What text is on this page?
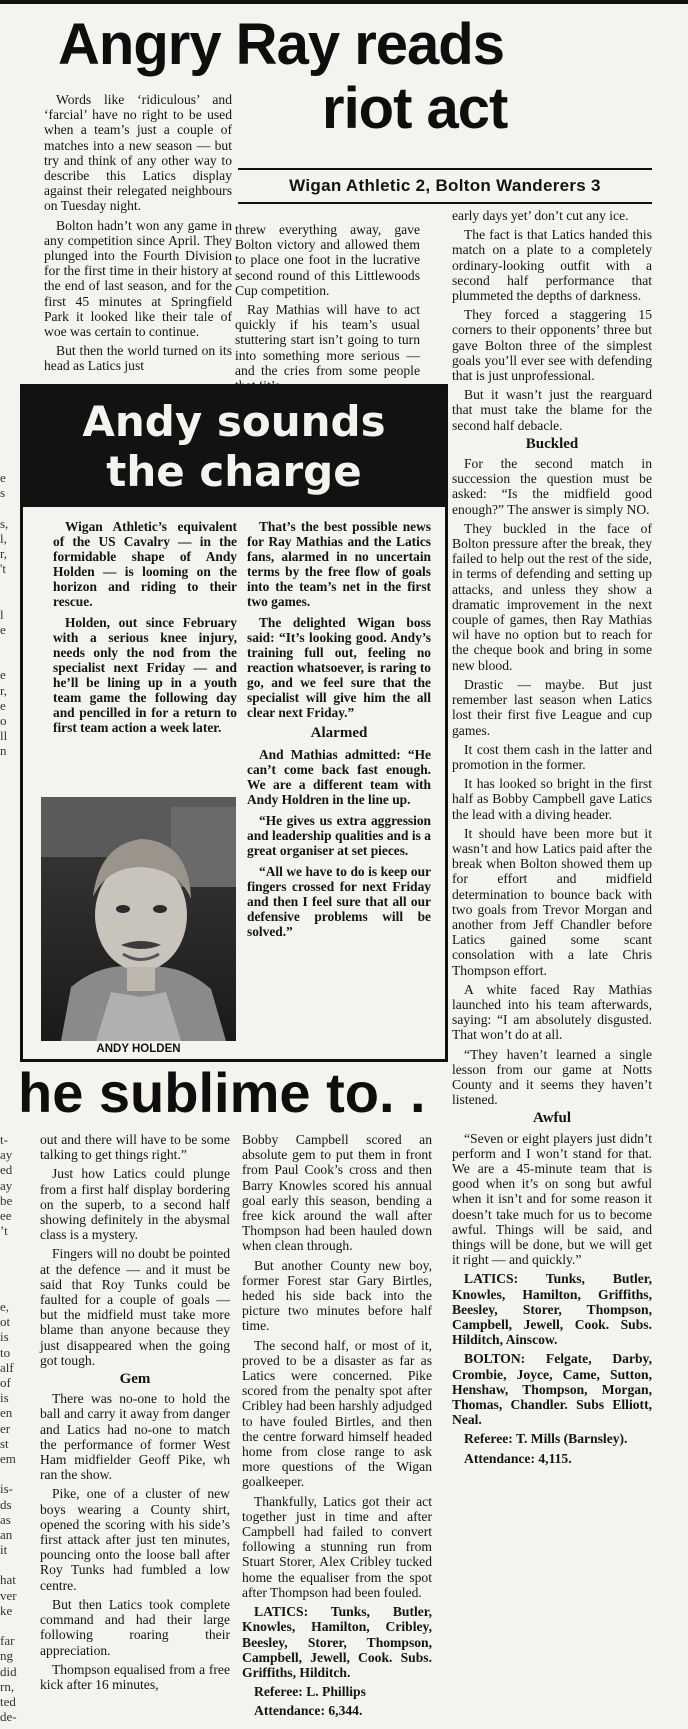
Angry Ray reads
riot act
Wigan Athletic 2, Bolton Wanderers 3

Words like ‘ridiculous’ and ‘farcial’ have no right to be used when a team’s just a couple of matches into a new season — but try and think of any other way to describe this Latics display against their relegated neighbours on Tuesday night.

Bolton hadn’t won any game in any competition since April. They plunged into the Fourth Division for the first time in their history at the end of last season, and for the first 45 minutes at Springfield Park it looked like their tale of woe was certain to continue.

But then the world turned on its head as Latics just

threw everything away, gave Bolton victory and allowed them to place one foot in the lucrative second round of this Littlewoods Cup competition.

Ray Mathias will have to act quickly if his team’s usual stuttering start isn’t going to turn into something more serious — and the cries from some people

early days yet’ don’t cut any ice.

The fact is that Latics handed this match on a plate to a completely ordinary-looking outfit with a second half performance that plummeted the depths of darkness.

They forced a staggering 15 corners to their opponents’ three but gave Bolton three of the simplest goals you’ll ever see with defending that is just unprofessional.

But it wasn’t just the rearguard that must take the blame for the second half debacle.

Buckled

For the second match in succession the question must be asked: “Is the midfield good enough?” The answer is simply NO.

They buckled in the face of Bolton pressure after the break, they failed to help out the rest of the side, in terms of defending and setting up attacks, and unless they show a dramatic improvement in the next couple of games, then Ray Mathias wil have no option but to reach for the cheque book and bring in some new blood.

Drastic — maybe. But just remember last season when Latics lost their first five League and cup games.

It cost them cash in the latter and promotion in the former.

It has looked so bright in the first half as Bobby Campbell gave Latics the lead with a diving header.

It should have been more but it wasn’t and how Latics paid after the break when Bolton showed them up for effort and midfield determination to bounce back with two goals from Trevor Morgan and another from Jeff Chandler before Latics gained some scant consolation with a late Chris Thompson effort.

A white faced Ray Mathias launched into his team afterwards, saying: “I am absolutely disgusted. That won’t do at all.

“They haven’t learned a single lesson from our game at Notts County and it seems they haven’t listened.

Awful

“Seven or eight players just didn’t perform and I won’t stand for that. We are a 45-minute team that is good when it’s on song but awful when it isn’t and for some reason it doesn’t take much for us to become awful. Things will be said, and things will be done, but we will get it right — and quickly.”

LATICS: Tunks, Butler, Knowles, Hamilton, Griffiths, Beesley, Storer, Thompson, Campbell, Jewell, Cook. Subs. Hilditch, Ainscow.

BOLTON: Felgate, Darby, Crombie, Joyce, Came, Sutton, Henshaw, Thompson, Morgan, Thomas, Chandler. Subs Elliott, Neal.

Referee: T. Mills (Barnsley).

Attendance: 4,115.

Andy sounds
the charge

Wigan Athletic’s equivalent of the US Cavalry — in the formidable shape of Andy Holden — is looming on the horizon and riding to their rescue.

Holden, out since February with a serious knee injury, needs only the nod from the specialist next Friday — and he’ll be lining up in a youth team game the following day and pencilled in for a return to first team action a week later.

That’s the best possible news for Ray Mathias and the Latics fans, alarmed in no uncertain terms by the free flow of goals into the team’s net in the first two games.

The delighted Wigan boss said: “It’s looking good. Andy’s training full out, feeling no reaction whatsoever, is raring to go, and we feel sure that the specialist will give him the all clear next Friday.”

Alarmed

And Mathias admitted: “He can’t come back fast enough. We are a different team with Andy Holdren in the line up.

“He gives us extra aggression and leadership qualities and is a great organiser at set pieces.

“All we have to do is keep our fingers crossed for next Friday and then I feel sure that all our defensive problems will be solved.”

ANDY HOLDEN
e
s
s,
l,
r,
't
l
e
e
r,
e
o
ll
n
he sublime to. .
t-
ay
ed
ay
be
ee
’t
e,
ot
is
to
alf
of
is
en
er
st
em
is-
ds
as
an
it
hat
ver
ke
far
ng
did
rn,
ted
de-

out and there will have to be some talking to get things right.”

Just how Latics could plunge from a first half display bordering on the superb, to a second half showing definitely in the abysmal class is a mystery.

Fingers will no doubt be pointed at the defence — and it must be said that Roy Tunks could be faulted for a couple of goals — but the midfield must take more blame than anyone because they just disappeared when the going got tough.

Gem

There was no-one to hold the ball and carry it away from danger and Latics had no-one to match the performance of former West Ham midfielder Geoff Pike, wh ran the show.

Pike, one of a cluster of new boys wearing a County shirt, opened the scoring with his side’s first attack after just ten minutes, pouncing onto the loose ball after Roy Tunks had fumbled a low centre.

But then Latics took complete command and had their large following roaring their appreciation.

Thompson equalised from a free kick after 16 minutes,

Bobby Campbell scored an absolute gem to put them in front from Paul Cook’s cross and then Barry Knowles scored his annual goal early this season, bending a free kick around the wall after Thompson had been hauled down when clean through.

But another County new boy, former Forest star Gary Birtles, heded his side back into the picture two minutes before half time.

The second half, or most of it, proved to be a disaster as far as Latics were concerned. Pike scored from the penalty spot after Cribley had been harshly adjudged to have fouled Birtles, and then the centre forward himself headed home from close range to ask more questions of the Wigan goalkeeper.

Thankfully, Latics got their act together just in time and after Campbell had failed to convert following a stunning run from Stuart Storer, Alex Cribley tucked home the equaliser from the spot after Thompson had been fouled.

LATICS: Tunks, Butler, Knowles, Hamilton, Cribley, Beesley, Storer, Thompson, Campbell, Jewell, Cook. Subs. Griffiths, Hilditch.

Referee: L. Phillips

Attendance: 6,344.
